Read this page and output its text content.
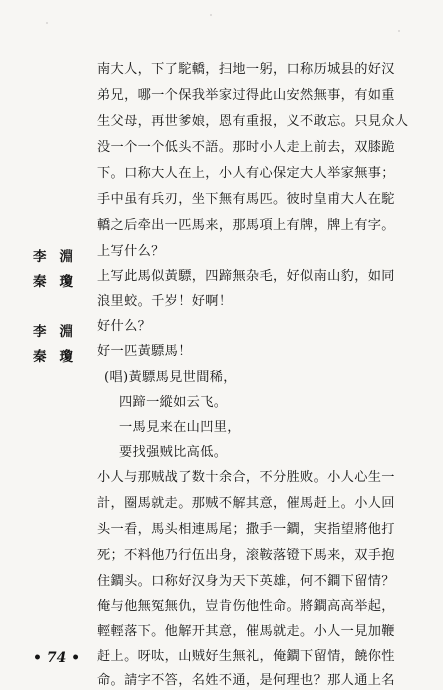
南大人，下了駝轎，扫地一躬，口称历城县的好汉
弟兄，哪一个保我举家过得此山安然無事，有如重
生父母，再世爹娘，恩有重报，义不敢忘。只見众人
没一个一个低头不語。那时小人走上前去，双膝跪
下。口称大人在上，小人有心保定大人举家無事；
手中虽有兵刃，坐下無有馬匹。彼时皇甫大人在駝
轎之后牵出一匹馬来，那馬項上有牌，牌上有字。
李淵 上写什么？
秦瓊 上写此馬似黃驃，四蹄無杂毛，好似南山豹，如同
浪里蛟。千岁！好啊！
李淵 好什么？
秦瓊 好一匹黃驃馬！
(唱)黃驃馬見世間稀，
四蹄一縱如云飞。
一馬見来在山凹里，
要找强贼比高低。
小人与那贼战了数十余合，不分胜败。小人心生一
計，圈馬就走。那贼不解其意，催馬赶上。小人回
头一看，馬头相連馬尾；撒手一鐧，実指望將他打
死；不料他乃行伍出身，滚鞍落镫下馬来，双手抱
住鐧头。口称好汉身为天下英雄，何不鐧下留情？
俺与他無冤無仇，豈肯伤他性命。將鐧高高举起，
輕輕落下。他解开其意，催馬就走。小人一見加鞭
赶上。呀呔，山贼好生無礼，俺鐧下留情，饒你性
命。請字不答，名姓不通，是何理也？那人通上名
• 74 •
